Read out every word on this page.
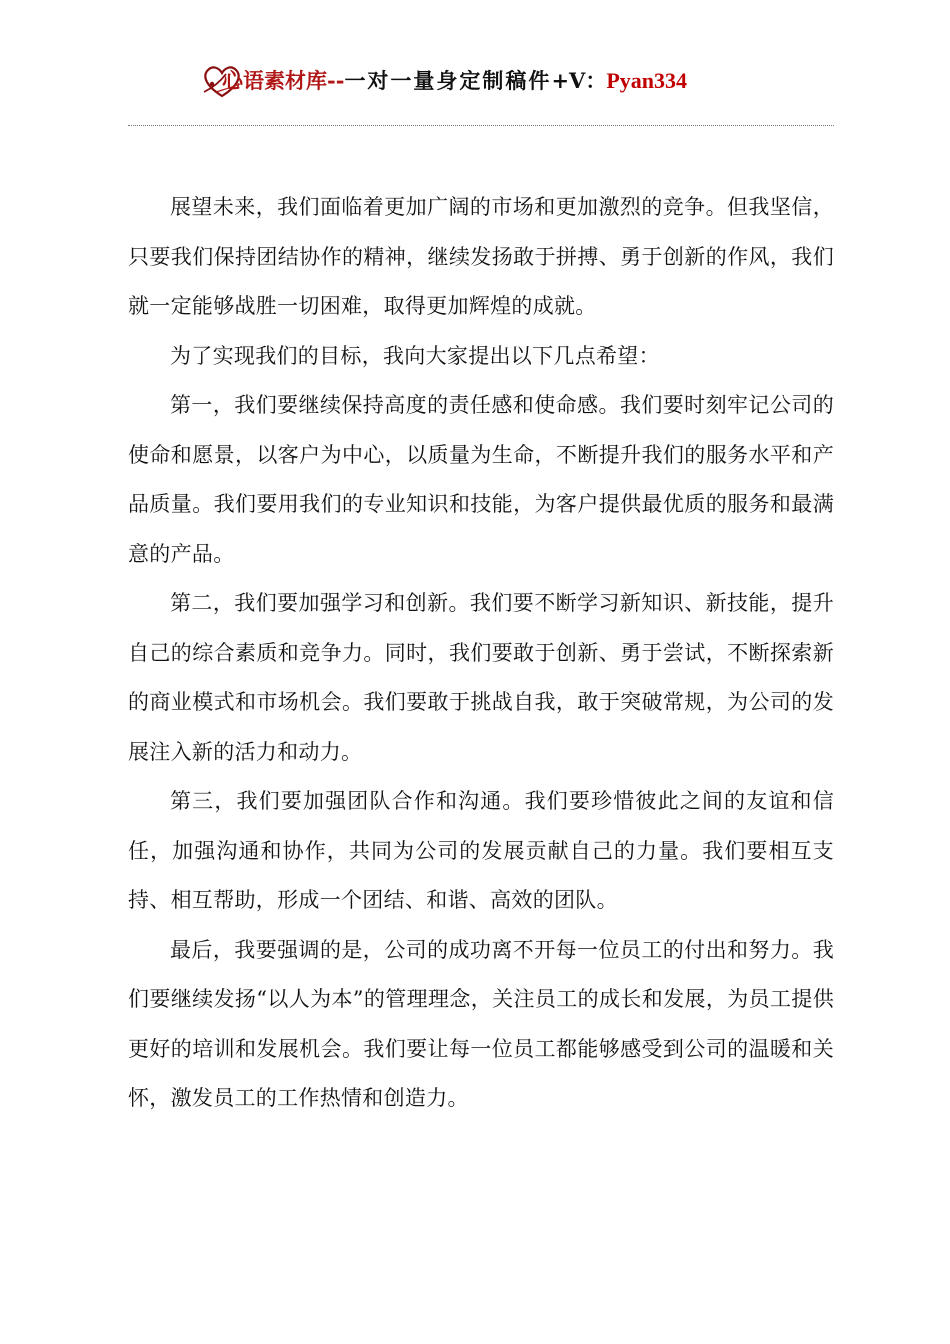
心语素材库--一对一量身定制稿件+V：Pyan334

展望未来，我们面临着更加广阔的市场和更加激烈的竞争。但我坚信，只要我们保持团结协作的精神，继续发扬敢于拼搏、勇于创新的作风，我们就一定能够战胜一切困难，取得更加辉煌的成就。

为了实现我们的目标，我向大家提出以下几点希望：

第一，我们要继续保持高度的责任感和使命感。我们要时刻牢记公司的使命和愿景，以客户为中心，以质量为生命，不断提升我们的服务水平和产品质量。我们要用我们的专业知识和技能，为客户提供最优质的服务和最满意的产品。

第二，我们要加强学习和创新。我们要不断学习新知识、新技能，提升自己的综合素质和竞争力。同时，我们要敢于创新、勇于尝试，不断探索新的商业模式和市场机会。我们要敢于挑战自我，敢于突破常规，为公司的发展注入新的活力和动力。

第三，我们要加强团队合作和沟通。我们要珍惜彼此之间的友谊和信任，加强沟通和协作，共同为公司的发展贡献自己的力量。我们要相互支持、相互帮助，形成一个团结、和谐、高效的团队。

最后，我要强调的是，公司的成功离不开每一位员工的付出和努力。我们要继续发扬“以人为本”的管理理念，关注员工的成长和发展，为员工提供更好的培训和发展机会。我们要让每一位员工都能够感受到公司的温暖和关怀，激发员工的工作热情和创造力。
